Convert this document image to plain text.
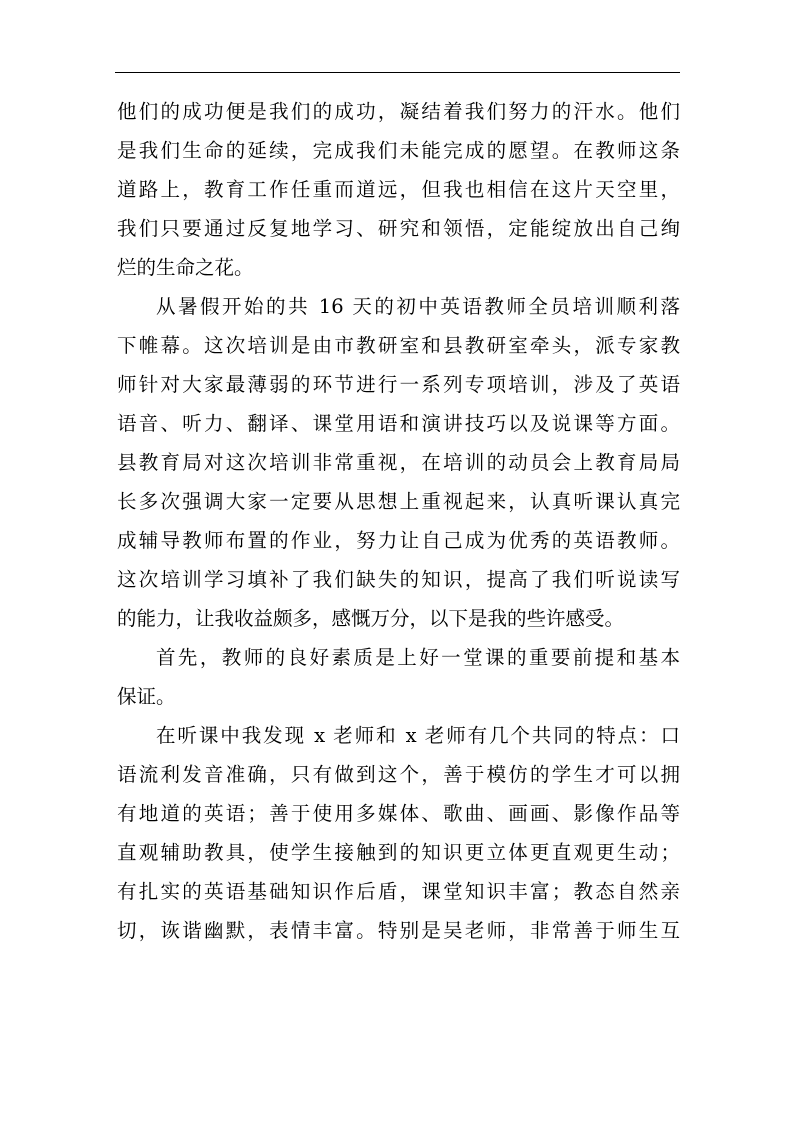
他们的成功便是我们的成功，凝结着我们努力的汗水。他们
是我们生命的延续，完成我们未能完成的愿望。在教师这条
道路上，教育工作任重而道远，但我也相信在这片天空里，
我们只要通过反复地学习、研究和领悟，定能绽放出自己绚
烂的生命之花。
从暑假开始的共 16 天的初中英语教师全员培训顺利落
下帷幕。这次培训是由市教研室和县教研室牵头，派专家教
师针对大家最薄弱的环节进行一系列专项培训，涉及了英语
语音、听力、翻译、课堂用语和演讲技巧以及说课等方面。
县教育局对这次培训非常重视，在培训的动员会上教育局局
长多次强调大家一定要从思想上重视起来，认真听课认真完
成辅导教师布置的作业，努力让自己成为优秀的英语教师。
这次培训学习填补了我们缺失的知识，提高了我们听说读写
的能力，让我收益颇多，感慨万分，以下是我的些许感受。
首先，教师的良好素质是上好一堂课的重要前提和基本
保证。
在听课中我发现 x 老师和 x 老师有几个共同的特点：口
语流利发音准确，只有做到这个，善于模仿的学生才可以拥
有地道的英语；善于使用多媒体、歌曲、画画、影像作品等
直观辅助教具，使学生接触到的知识更立体更直观更生动；
有扎实的英语基础知识作后盾，课堂知识丰富；教态自然亲
切，诙谐幽默，表情丰富。特别是吴老师，非常善于师生互
